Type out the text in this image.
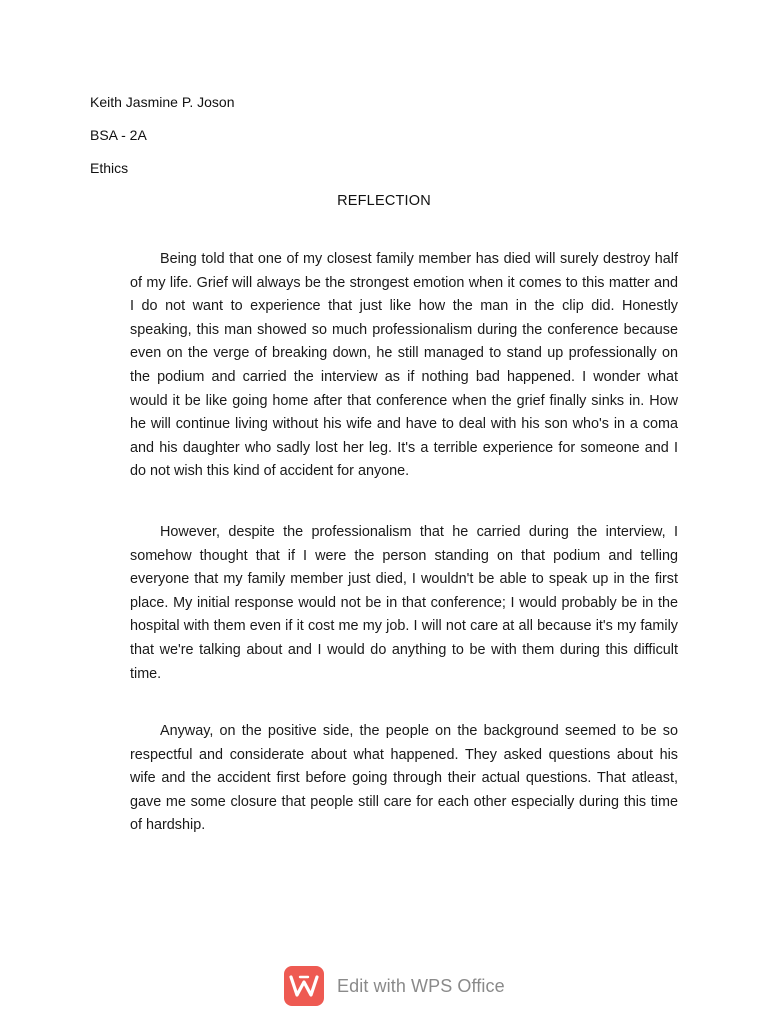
Keith Jasmine P. Joson
BSA - 2A
Ethics
REFLECTION

Being told that one of my closest family member has died will surely destroy half of my life. Grief will always be the strongest emotion when it comes to this matter and I do not want to experience that just like how the man in the clip did. Honestly speaking, this man showed so much professionalism during the conference because even on the verge of breaking down, he still managed to stand up professionally on the podium and carried the interview as if nothing bad happened. I wonder what would it be like going home after that conference when the grief finally sinks in. How he will continue living without his wife and have to deal with his son who's in a coma and his daughter who sadly lost her leg. It's a terrible experience for someone and I do not wish this kind of accident for anyone.

However, despite the professionalism that he carried during the interview, I somehow thought that if I were the person standing on that podium and telling everyone that my family member just died, I wouldn't be able to speak up in the first place. My initial response would not be in that conference; I would probably be in the hospital with them even if it cost me my job. I will not care at all because it's my family that we're talking about and I would do anything to be with them during this difficult time.

Anyway, on the positive side, the people on the background seemed to be so respectful and considerate about what happened. They asked questions about his wife and the accident first before going through their actual questions. That atleast, gave me some closure that people still care for each other especially during this time of hardship.

Edit with WPS Office
